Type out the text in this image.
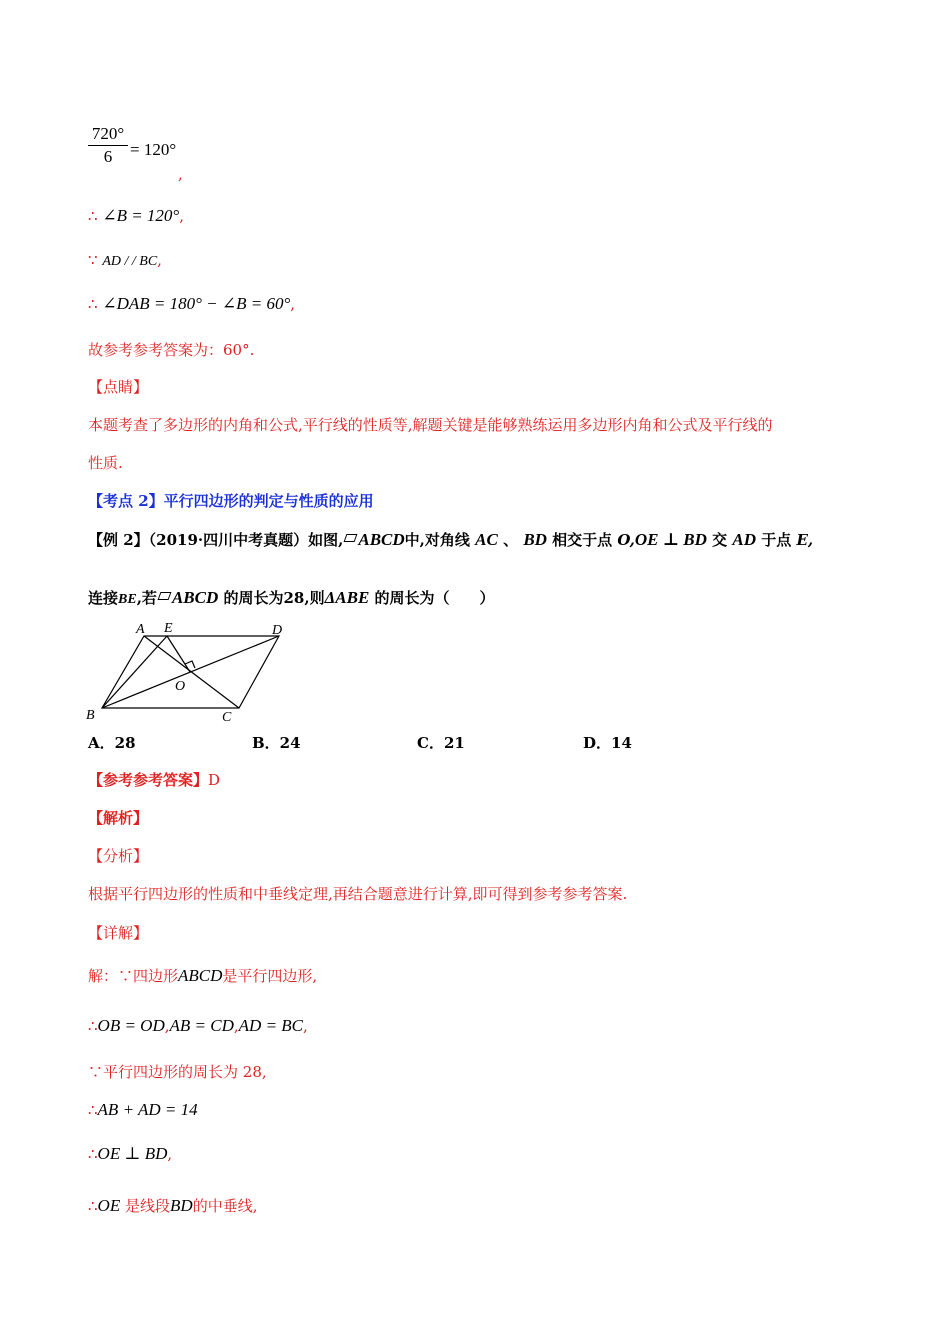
$\frac{720^\circ}{6} = 120^\circ$
,
∴ ∠B = 120°,
∵ AD / / BC,
∴ ∠DAB = 180° − ∠B = 60°,
故参考参考答案为：60°.
【点睛】
本题考查了多边形的内角和公式,平行线的性质等,解题关键是能够熟练运用多边形内角和公式及平行线的
性质.
【考点 2】平行四边形的判定与性质的应用
【例 2】（2019·四川中考真题）如图, ABCD中,对角线 AC 、 BD 相交于点 O,OE ⊥ BD 交 AD 于点 E,
连接BE,若 ABCD 的周长为28,则ΔABE 的周长为（　　）
A E	D
O
B	C
A．28	B．24	C．21	D．14
【参考参考答案】D
【解析】
【分析】
根据平行四边形的性质和中垂线定理,再结合题意进行计算,即可得到参考参考答案.
【详解】
解：∵四边形ABCD是平行四边形,
∴OB = OD,AB = CD,AD = BC,
∵平行四边形的周长为 28,
∴AB + AD = 14
∴OE ⊥ BD,
∴OE 是线段BD的中垂线,
